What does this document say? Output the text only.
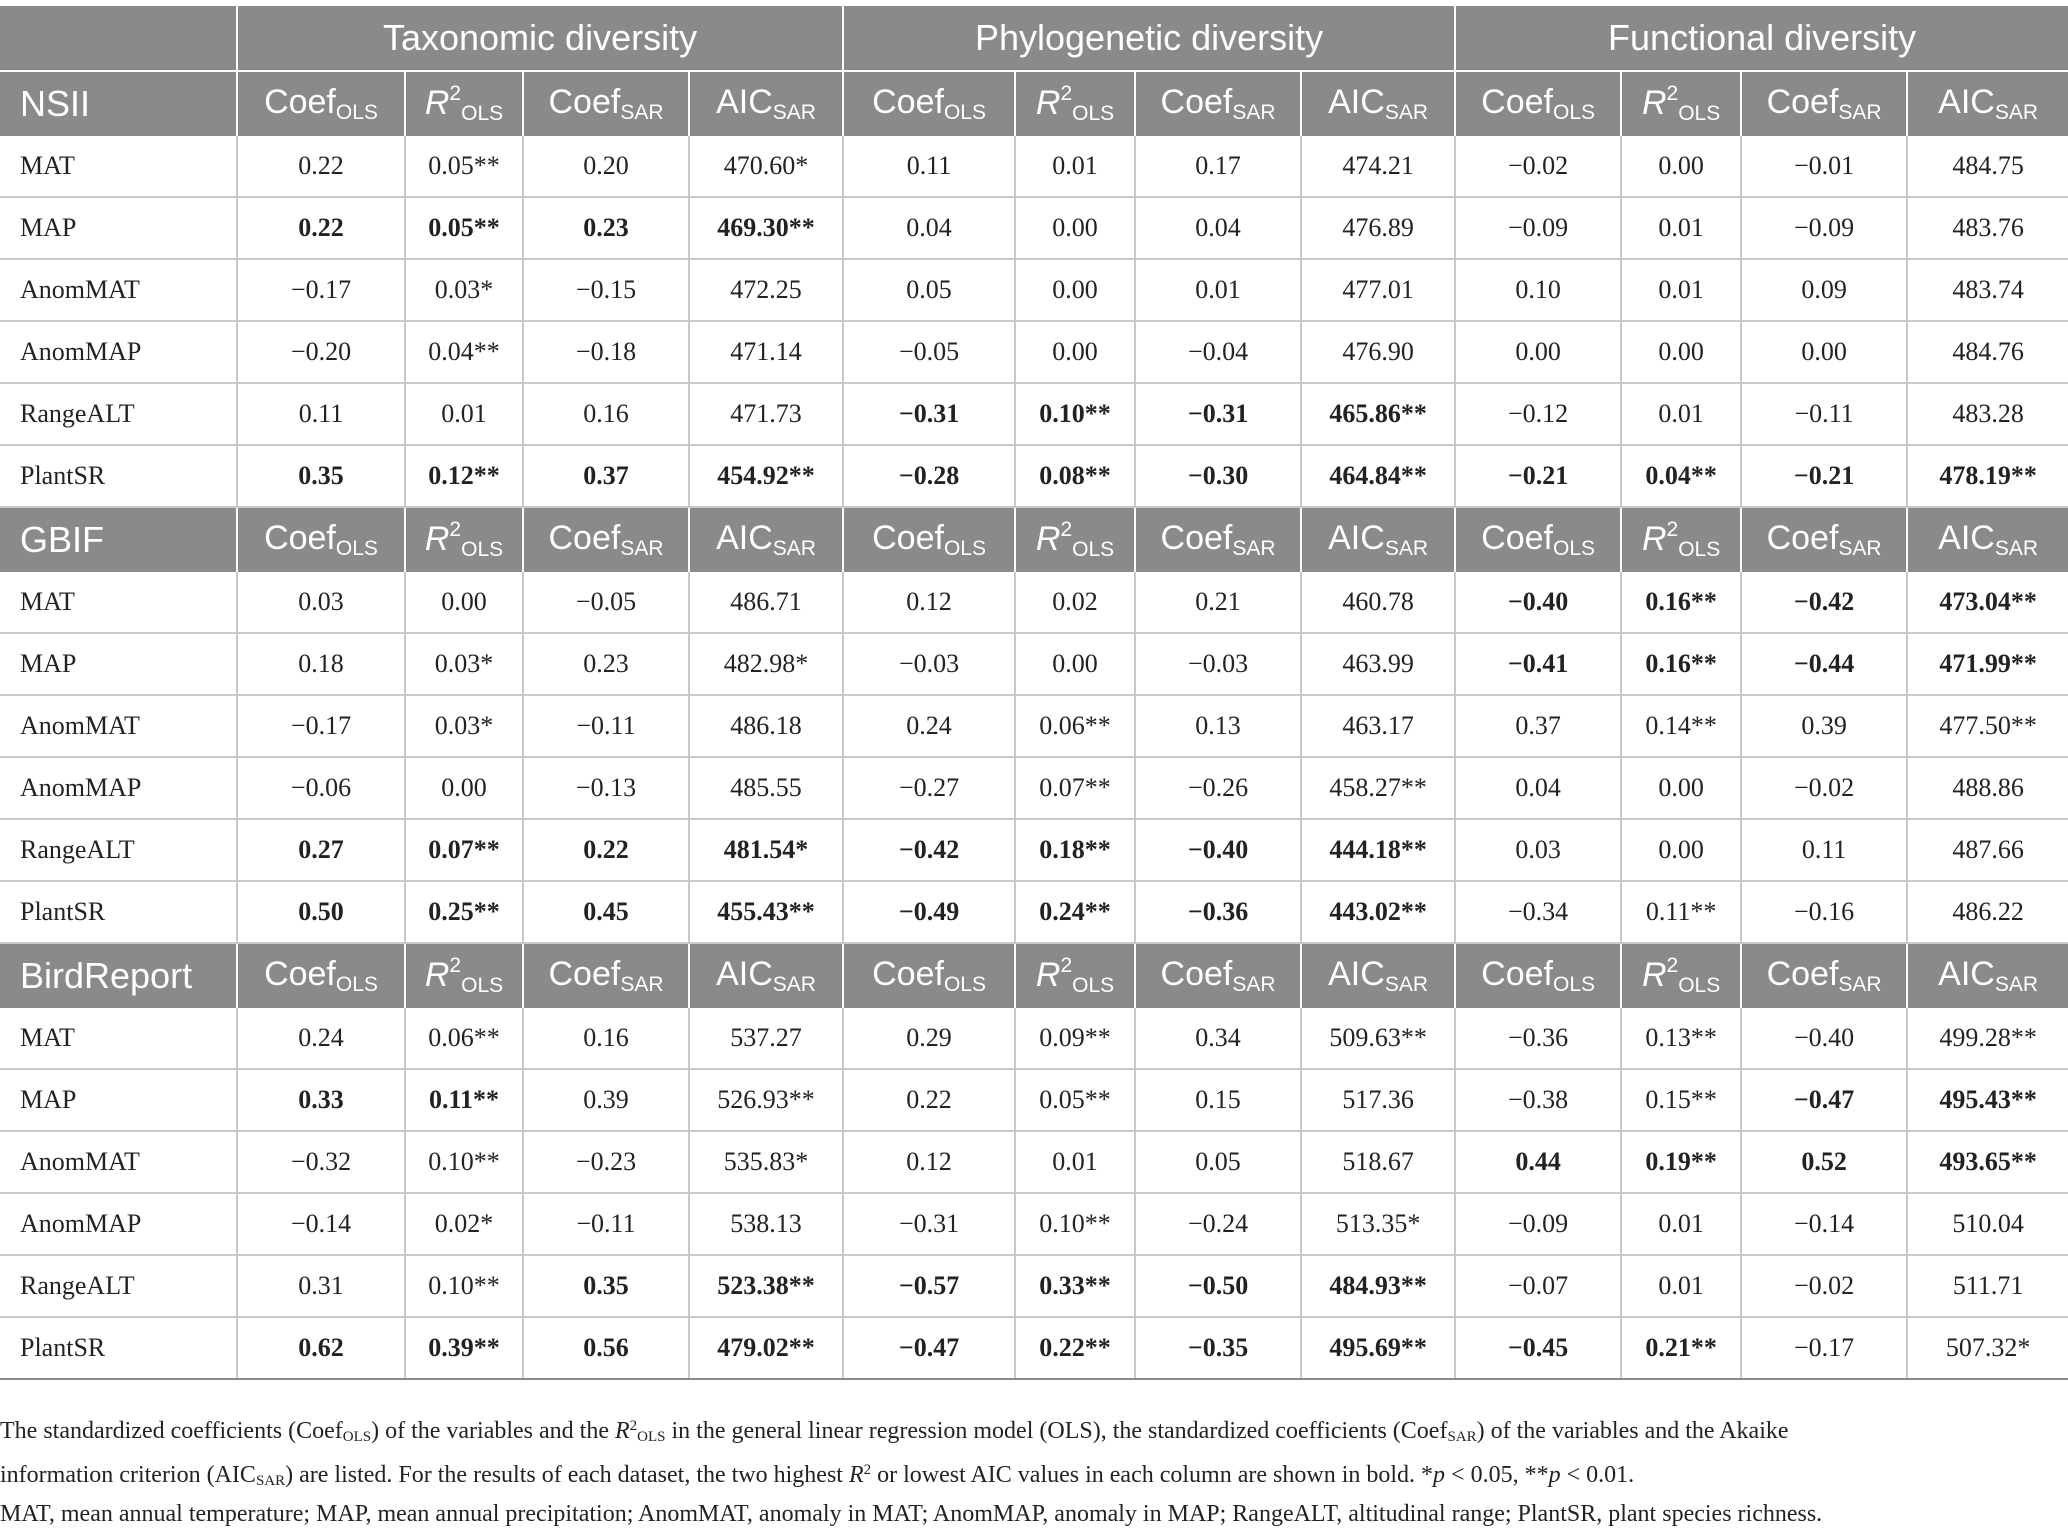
	Taxonomic diversity				Phylogenetic diversity				Functional diversity			
NSII	Coef$_{OLS}$	$R^2_{OLS}$	Coef$_{SAR}$	$AIC_{SAR}$	Coef$_{OLS}$	$R^2_{OLS}$	Coef$_{SAR}$	$AIC_{SAR}$	Coef$_{OLS}$	$R^2_{OLS}$	Coef$_{SAR}$	$AIC_{SAR}$
MAT	0.22	0.05**	0.20	470.60*	0.11	0.01	0.17	474.21	−0.02	0.00	−0.01	484.75
MAP	0.22	0.05**	0.23	469.30**	0.04	0.00	0.04	476.89	−0.09	0.01	−0.09	483.76
AnomMAT	−0.17	0.03*	−0.15	472.25	0.05	0.00	0.01	477.01	0.10	0.01	0.09	483.74
AnomMAP	−0.20	0.04**	−0.18	471.14	−0.05	0.00	−0.04	476.90	0.00	0.00	0.00	484.76
RangeALT	0.11	0.01	0.16	471.73	−0.31	0.10**	−0.31	465.86**	−0.12	0.01	−0.11	483.28
PlantSR	0.35	0.12**	0.37	454.92**	−0.28	0.08**	−0.30	464.84**	−0.21	0.04**	−0.21	478.19**
GBIF	Coef$_{OLS}$	$R^2_{OLS}$	Coef$_{SAR}$	$AIC_{SAR}$	Coef$_{OLS}$	$R^2_{OLS}$	Coef$_{SAR}$	$AIC_{SAR}$	Coef$_{OLS}$	$R^2_{OLS}$	Coef$_{SAR}$	$AIC_{SAR}$
MAT	0.03	0.00	−0.05	486.71	0.12	0.02	0.21	460.78	−0.40	0.16**	−0.42	473.04**
MAP	0.18	0.03*	0.23	482.98*	−0.03	0.00	−0.03	463.99	−0.41	0.16**	−0.44	471.99**
AnomMAT	−0.17	0.03*	−0.11	486.18	0.24	0.06**	0.13	463.17	0.37	0.14**	0.39	477.50**
AnomMAP	−0.06	0.00	−0.13	485.55	−0.27	0.07**	−0.26	458.27**	0.04	0.00	−0.02	488.86
RangeALT	0.27	0.07**	0.22	481.54*	−0.42	0.18**	−0.40	444.18**	0.03	0.00	0.11	487.66
PlantSR	0.50	0.25**	0.45	455.43**	−0.49	0.24**	−0.36	443.02**	−0.34	0.11**	−0.16	486.22
BirdReport	Coef$_{OLS}$	$R^2_{OLS}$	Coef$_{SAR}$	$AIC_{SAR}$	Coef$_{OLS}$	$R^2_{OLS}$	Coef$_{SAR}$	$AIC_{SAR}$	Coef$_{OLS}$	$R^2_{OLS}$	Coef$_{SAR}$	$AIC_{SAR}$
MAT	0.24	0.06**	0.16	537.27	0.29	0.09**	0.34	509.63**	−0.36	0.13**	−0.40	499.28**
MAP	0.33	0.11**	0.39	526.93**	0.22	0.05**	0.15	517.36	−0.38	0.15**	−0.47	495.43**
AnomMAT	−0.32	0.10**	−0.23	535.83*	0.12	0.01	0.05	518.67	0.44	0.19**	0.52	493.65**
AnomMAP	−0.14	0.02*	−0.11	538.13	−0.31	0.10**	−0.24	513.35*	−0.09	0.01	−0.14	510.04
RangeALT	0.31	0.10**	0.35	523.38**	−0.57	0.33**	−0.50	484.93**	−0.07	0.01	−0.02	511.71
PlantSR	0.62	0.39**	0.56	479.02**	−0.47	0.22**	−0.35	495.69**	−0.45	0.21**	−0.17	507.32*

The standardized coefficients (Coef$_{OLS}$) of the variables and the $R^2_{OLS}$ in the general linear regression model (OLS), the standardized coefficients (Coef$_{SAR}$) of the variables and the Akaike
information criterion $(AIC_{SAR})$ are listed. For the results of each dataset, the two highest $R^2$ or lowest AIC values in each column are shown in bold. *p < 0.05, **p < 0.01.

MAT, mean annual temperature; MAP, mean annual precipitation; AnomMAT, anomaly in MAT; AnomMAP, anomaly in MAP; RangeALT, altitudinal range; PlantSR, plant species richness.
